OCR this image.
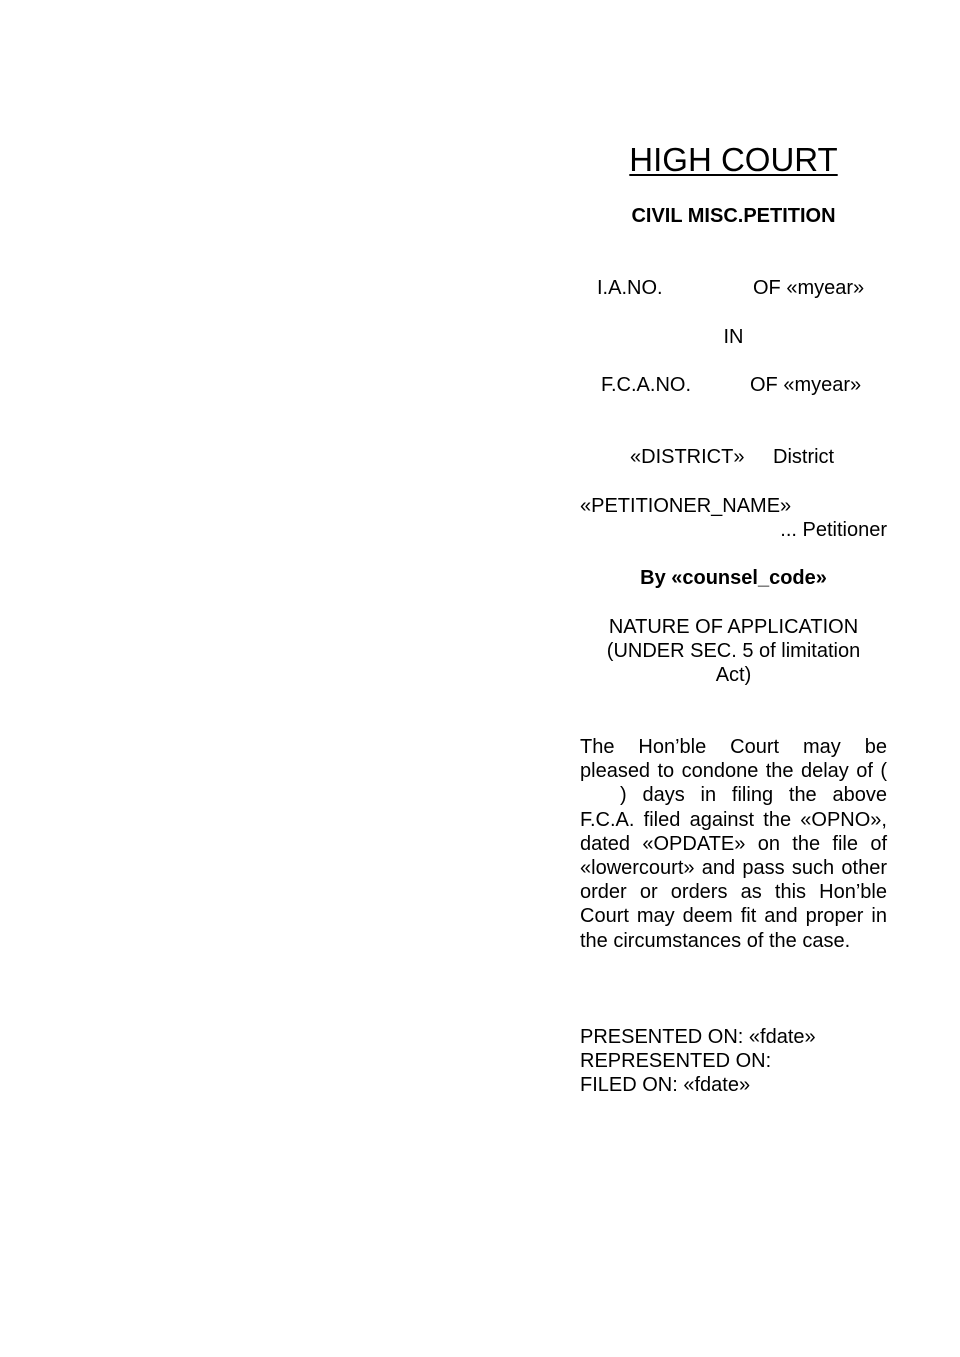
HIGH COURT
CIVIL MISC.PETITION
I.A.NO.	OF «myear»
IN
F.C.A.NO.	OF «myear»
«DISTRICT» District
«PETITIONER_NAME»
... Petitioner
By «counsel_code»
NATURE OF APPLICATION
(UNDER SEC. 5 of limitation
Act)
The Hon’ble Court may be pleased to condone the delay of () days in filing the above F.C.A. filed against the «OPNO», dated «OPDATE» on the file of «lowercourt» and pass such other order or orders as this Hon’ble Court may deem fit and proper in the circumstances of the case.
PRESENTED ON: «fdate»
REPRESENTED ON:
FILED ON: «fdate»
